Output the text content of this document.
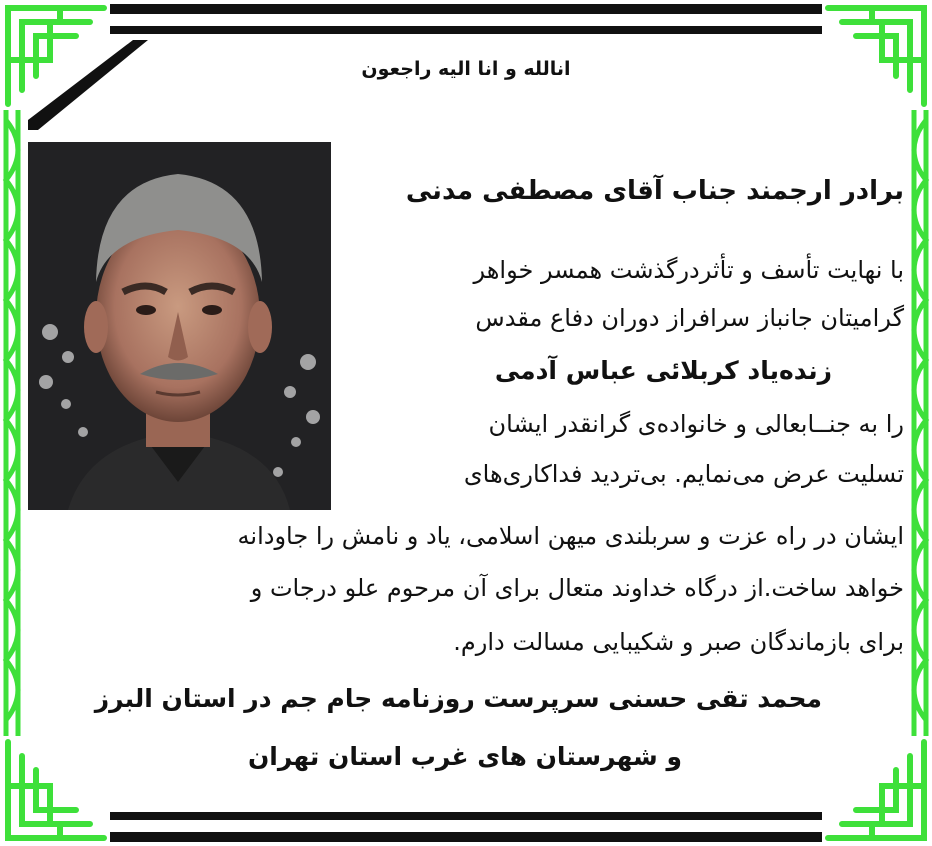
انالله و انا الیه راجعون
برادر ارجمند جناب آقای مصطفی مدنی
با نهایت تأسف و تأثردرگذشت همسر خواهر
گرامیتان جانباز سرافراز دوران دفاع مقدس
زنده‌یاد کربلائی عباس آدمی
را به جنــابعالی و خانواده‌ی گرانقدر ایشان
تسلیت عرض می‌نمایم. بی‌تردید فداکاری‌های
ایشان در راه عزت و سربلندی میهن اسلامی، یاد و نامش را جاودانه
خواهد ساخت.از درگاه خداوند متعال برای آن مرحوم علو درجات و
برای بازماندگان صبر و شکیبایی مسالت دارم.
محمد تقی حسنی سرپرست روزنامه جام جم در استان البرز
و شهرستان های غرب استان تهران
